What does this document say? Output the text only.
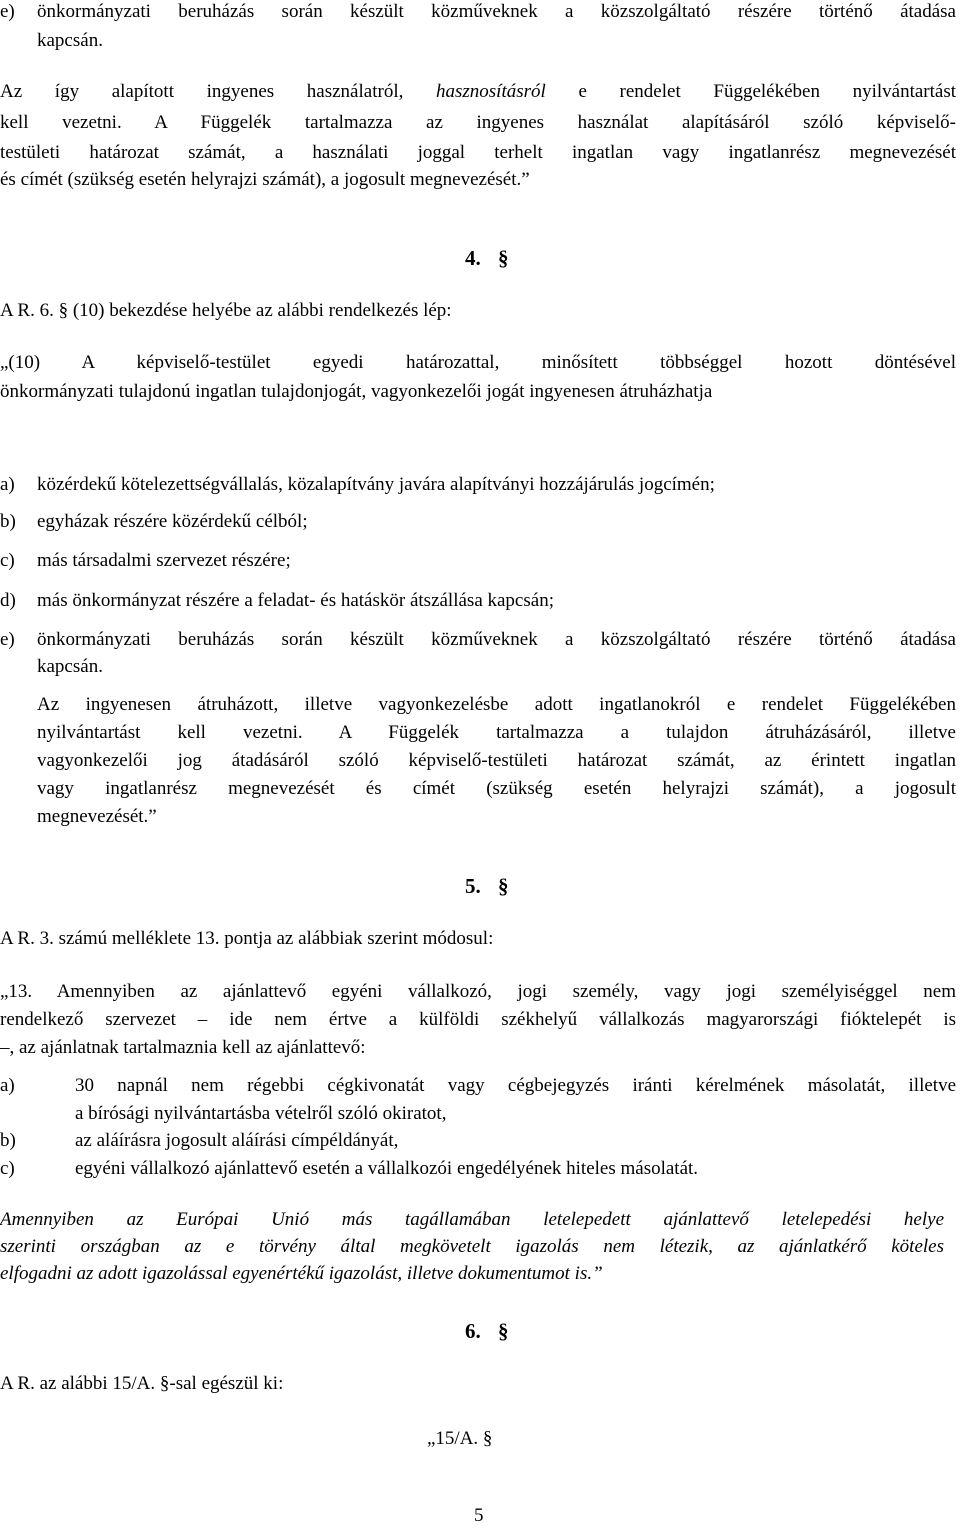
e) önkormányzati beruházás során készült közműveknek a közszolgáltató részére történő átadása
kapcsán.
Az így alapított ingyenes használatról, hasznosításról e rendelet Függelékében nyilvántartást
kell vezetni. A Függelék tartalmazza az ingyenes használat alapításáról szóló képviselő-
testületi határozat számát, a használati joggal terhelt ingatlan vagy ingatlanrész megnevezését
és címét (szükség esetén helyrajzi számát), a jogosult megnevezését.”
4. §
A R. 6. § (10) bekezdése helyébe az alábbi rendelkezés lép:
„(10) A képviselő-testület egyedi határozattal, minősített többséggel hozott döntésével
önkormányzati tulajdonú ingatlan tulajdonjogát, vagyonkezelői jogát ingyenesen átruházhatja
a) közérdekű kötelezettségvállalás, közalapítvány javára alapítványi hozzájárulás jogcímén;
b) egyházak részére közérdekű célból;
c) más társadalmi szervezet részére;
d) más önkormányzat részére a feladat- és hatáskör átszállása kapcsán;
e) önkormányzati beruházás során készült közműveknek a közszolgáltató részére történő átadása
kapcsán.
Az ingyenesen átruházott, illetve vagyonkezelésbe adott ingatlanokról e rendelet Függelékében
nyilvántartást kell vezetni. A Függelék tartalmazza a tulajdon átruházásáról, illetve
vagyonkezelői jog átadásáról szóló képviselő-testületi határozat számát, az érintett ingatlan
vagy ingatlanrész megnevezését és címét (szükség esetén helyrajzi számát), a jogosult
megnevezését.”
5. §
A R. 3. számú melléklete 13. pontja az alábbiak szerint módosul:
„13. Amennyiben az ajánlattevő egyéni vállalkozó, jogi személy, vagy jogi személyiséggel nem
rendelkező szervezet – ide nem értve a külföldi székhelyű vállalkozás magyarországi fióktelepét is
–, az ajánlatnak tartalmaznia kell az ajánlattevő:
a)	30 napnál nem régebbi cégkivonatát vagy cégbejegyzés iránti kérelmének másolatát, illetve
a bírósági nyilvántartásba vételről szóló okiratot,
b)	az aláírásra jogosult aláírási címpéldányát,
c)	egyéni vállalkozó ajánlattevő esetén a vállalkozói engedélyének hiteles másolatát.
Amennyiben az Európai Unió más tagállamában letelepedett ajánlattevő letelepedési helye
szerinti országban az e törvény által megkövetelt igazolás nem létezik, az ajánlatkérő köteles
elfogadni az adott igazolással egyenértékű igazolást, illetve dokumentumot is.”
6. §
A R. az alábbi 15/A. §-sal egészül ki:
„15/A. §
5
